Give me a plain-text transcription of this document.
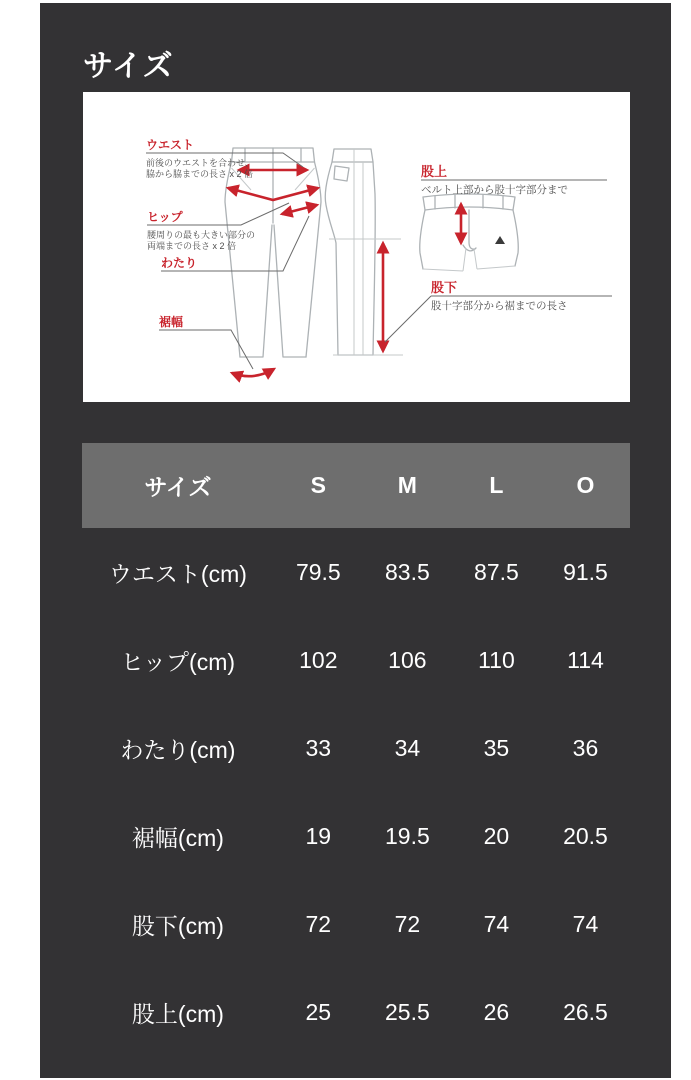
サイズ
ウエスト
前後のウエストを合わせ、
脇から脇までの長さ x 2 倍
ヒップ
腰周りの最も大きい部分の
両端までの長さ x 2 倍
わたり
裾幅
股上
ベルト上部から股十字部分まで
股下
股十字部分から裾までの長さ
サイズ	S	M	L	O
ウエスト(cm)	79.5	83.5	87.5	91.5
ヒップ(cm)	102	106	110	114
わたり(cm)	33	34	35	36
裾幅(cm)	19	19.5	20	20.5
股下(cm)	72	72	74	74
股上(cm)	25	25.5	26	26.5
